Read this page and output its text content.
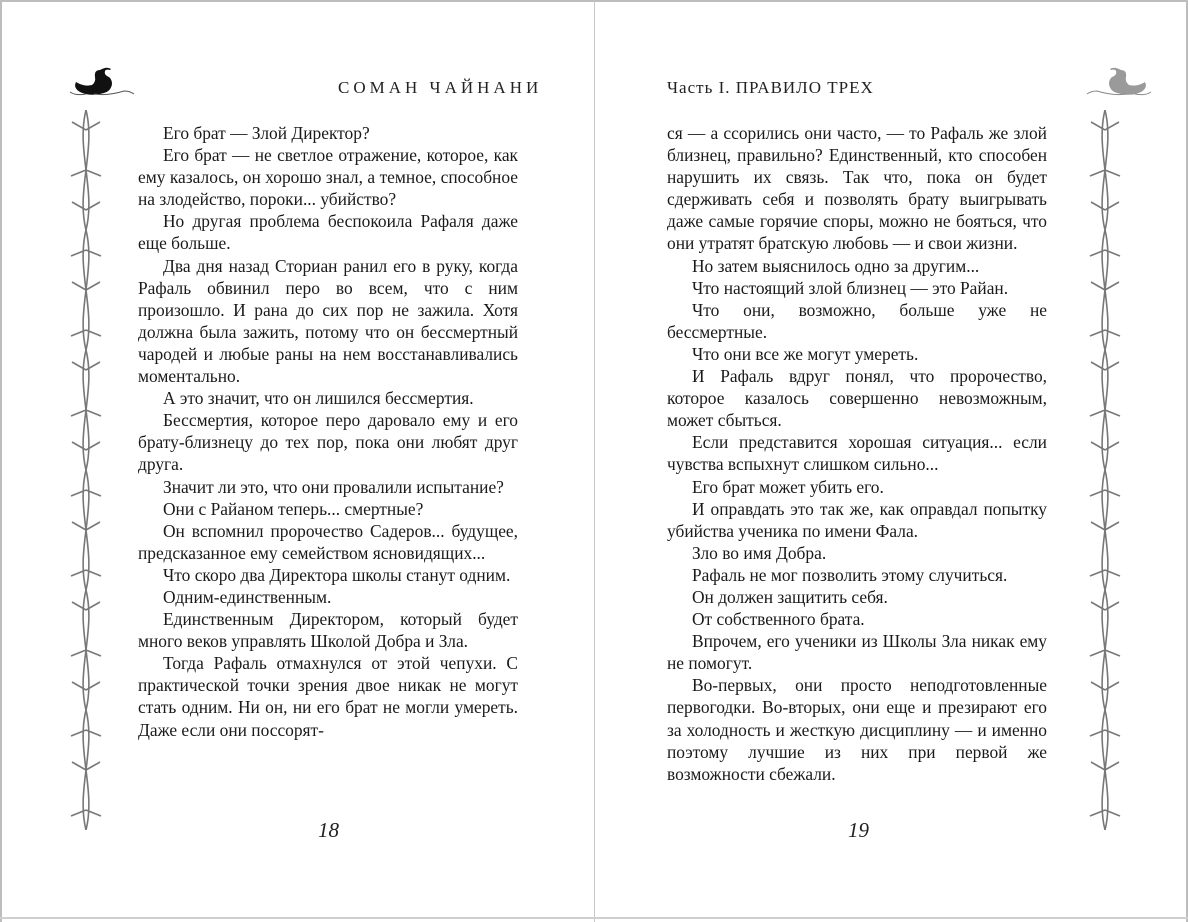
СОМАН ЧАЙНАНИ

Его брат — Злой Директор?

Его брат — не светлое отражение, которое, как ему казалось, он хорошо знал, а темное, способное на злодейство, пороки... убийство?

Но другая проблема беспокоила Рафаля даже еще больше.

Два дня назад Сториан ранил его в руку, когда Рафаль обвинил перо во всем, что с ним произошло. И рана до сих пор не зажила. Хотя должна была зажить, потому что он бессмертный чародей и любые раны на нем восстанавливались моментально.

А это значит, что он лишился бессмертия.

Бессмертия, которое перо даровало ему и его брату-близнецу до тех пор, пока они любят друг друга.

Значит ли это, что они провалили испытание?

Они с Райаном теперь... смертные?

Он вспомнил пророчество Садеров... будущее, предсказанное ему семейством ясновидящих...

Что скоро два Директора школы станут одним.

Одним-единственным.

Единственным Директором, который будет много веков управлять Школой Добра и Зла.

Тогда Рафаль отмахнулся от этой чепухи. С практической точки зрения двое никак не могут стать одним. Ни он, ни его брат не могли умереть. Даже если они поссорят-

18
Часть I. ПРАВИЛО ТРЕХ

ся — а ссорились они часто, — то Рафаль же злой близнец, правильно? Единственный, кто способен нарушить их связь. Так что, пока он будет сдерживать себя и позволять брату выигрывать даже самые горячие споры, можно не бояться, что они утратят братскую любовь — и свои жизни.

Но затем выяснилось одно за другим...

Что настоящий злой близнец — это Райан.

Что они, возможно, больше уже не бессмертные.

Что они все же могут умереть.

И Рафаль вдруг понял, что пророчество, которое казалось совершенно невозможным, может сбыться.

Если представится хорошая ситуация... если чувства вспыхнут слишком сильно...

Его брат может убить его.

И оправдать это так же, как оправдал попытку убийства ученика по имени Фала.

Зло во имя Добра.

Рафаль не мог позволить этому случиться.

Он должен защитить себя.

От собственного брата.

Впрочем, его ученики из Школы Зла никак ему не помогут.

Во-первых, они просто неподготовленные первогодки. Во-вторых, они еще и презирают его за холодность и жесткую дисциплину — и именно поэтому лучшие из них при первой же возможности сбежали.

19
